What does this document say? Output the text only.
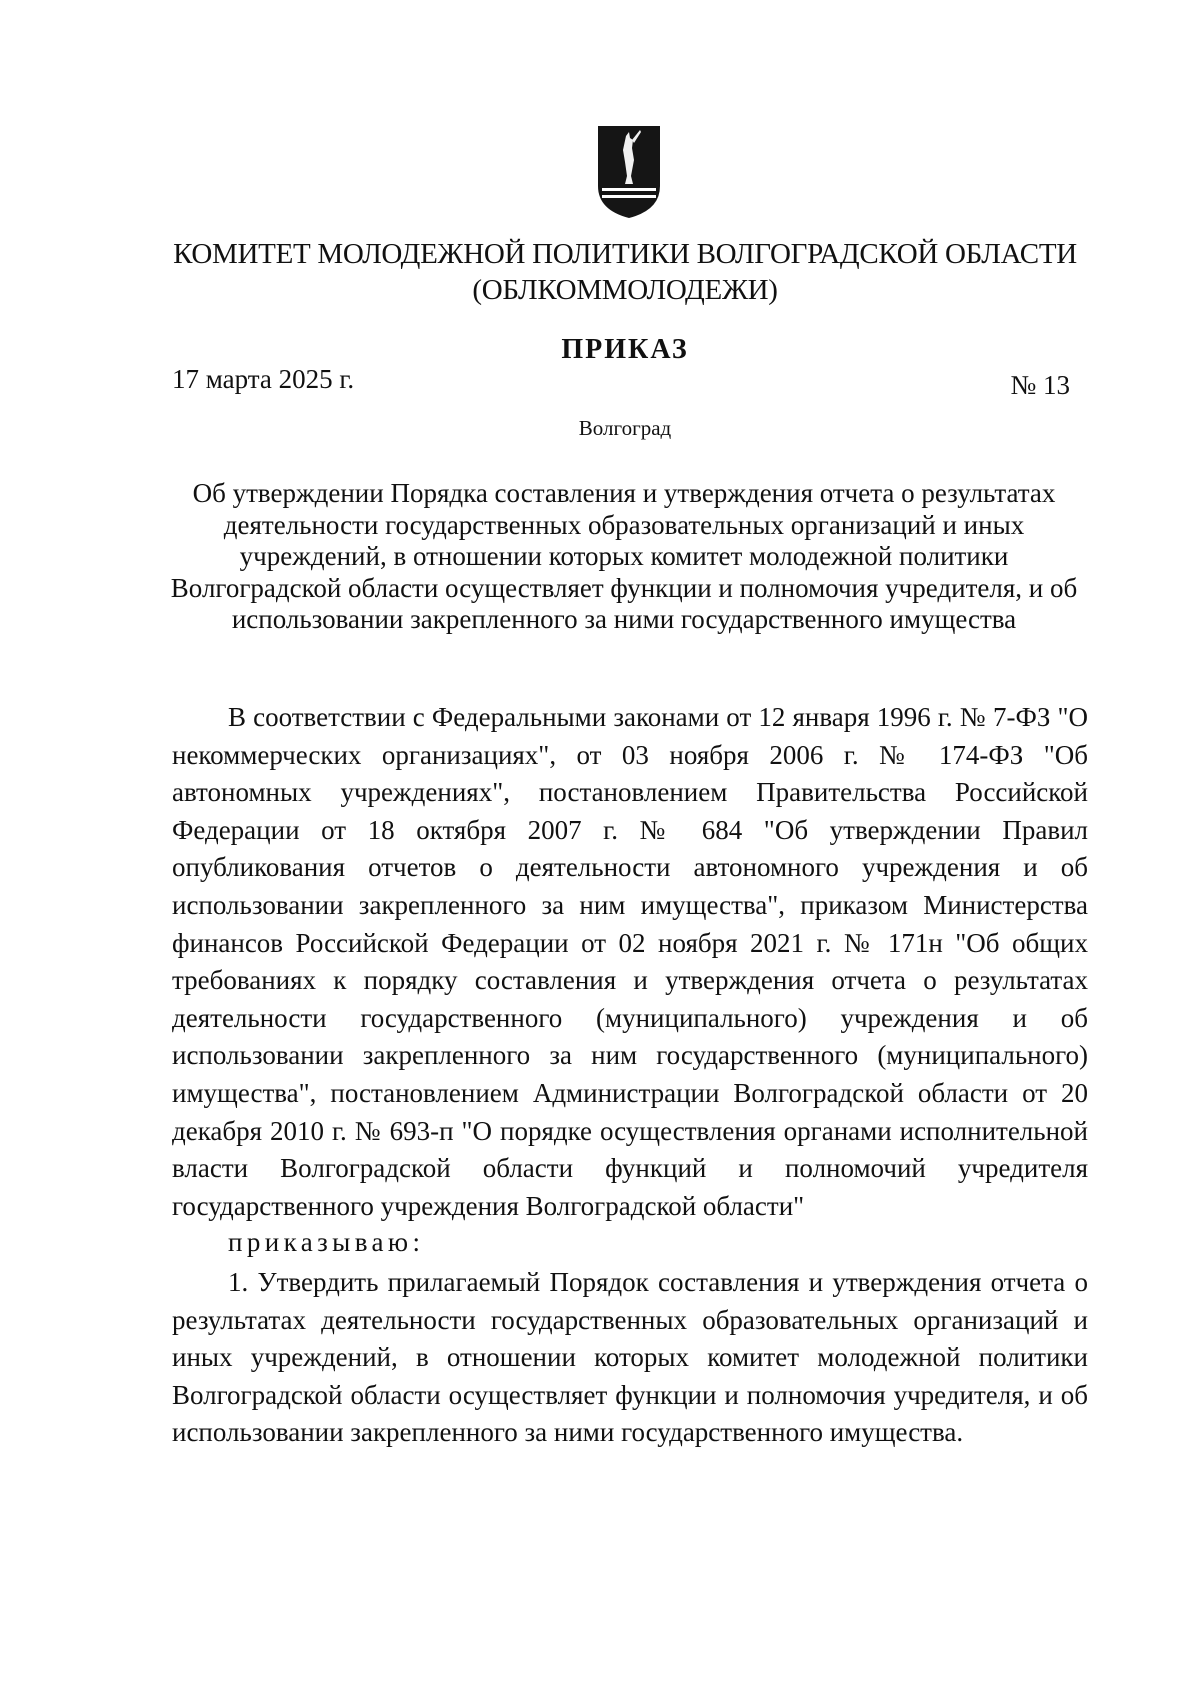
КОМИТЕТ МОЛОДЕЖНОЙ ПОЛИТИКИ ВОЛГОГРАДСКОЙ ОБЛАСТИ
(ОБЛКОММОЛОДЕЖИ)
ПРИКАЗ
17 марта 2025 г.	№ 13
Волгоград
Об утверждении Порядка составления и утверждения отчета о результатах деятельности государственных образовательных организаций и иных учреждений, в отношении которых комитет молодежной политики Волгоградской области осуществляет функции и полномочия учредителя, и об использовании закрепленного за ними государственного имущества

В соответствии с Федеральными законами от 12 января 1996 г. № 7-ФЗ "О некоммерческих организациях", от 03 ноября 2006 г. № 174-ФЗ "Об автономных учреждениях", постановлением Правительства Российской Федерации от 18 октября 2007 г. № 684 "Об утверждении Правил опубликования отчетов о деятельности автономного учреждения и об использовании закрепленного за ним имущества", приказом Министерства финансов Российской Федерации от 02 ноября 2021 г. № 171н "Об общих требованиях к порядку составления и утверждения отчета о результатах деятельности государственного (муниципального) учреждения и об использовании закрепленного за ним государственного (муниципального) имущества", постановлением Администрации Волгоградской области от 20 декабря 2010 г. № 693-п "О порядке осуществления органами исполнительной власти Волгоградской области функций и полномочий учредителя государственного учреждения Волгоградской области"

приказываю:

1. Утвердить прилагаемый Порядок составления и утверждения отчета о результатах деятельности государственных образовательных организаций и иных учреждений, в отношении которых комитет молодежной политики Волгоградской области осуществляет функции и полномочия учредителя, и об использовании закрепленного за ними государственного имущества.
